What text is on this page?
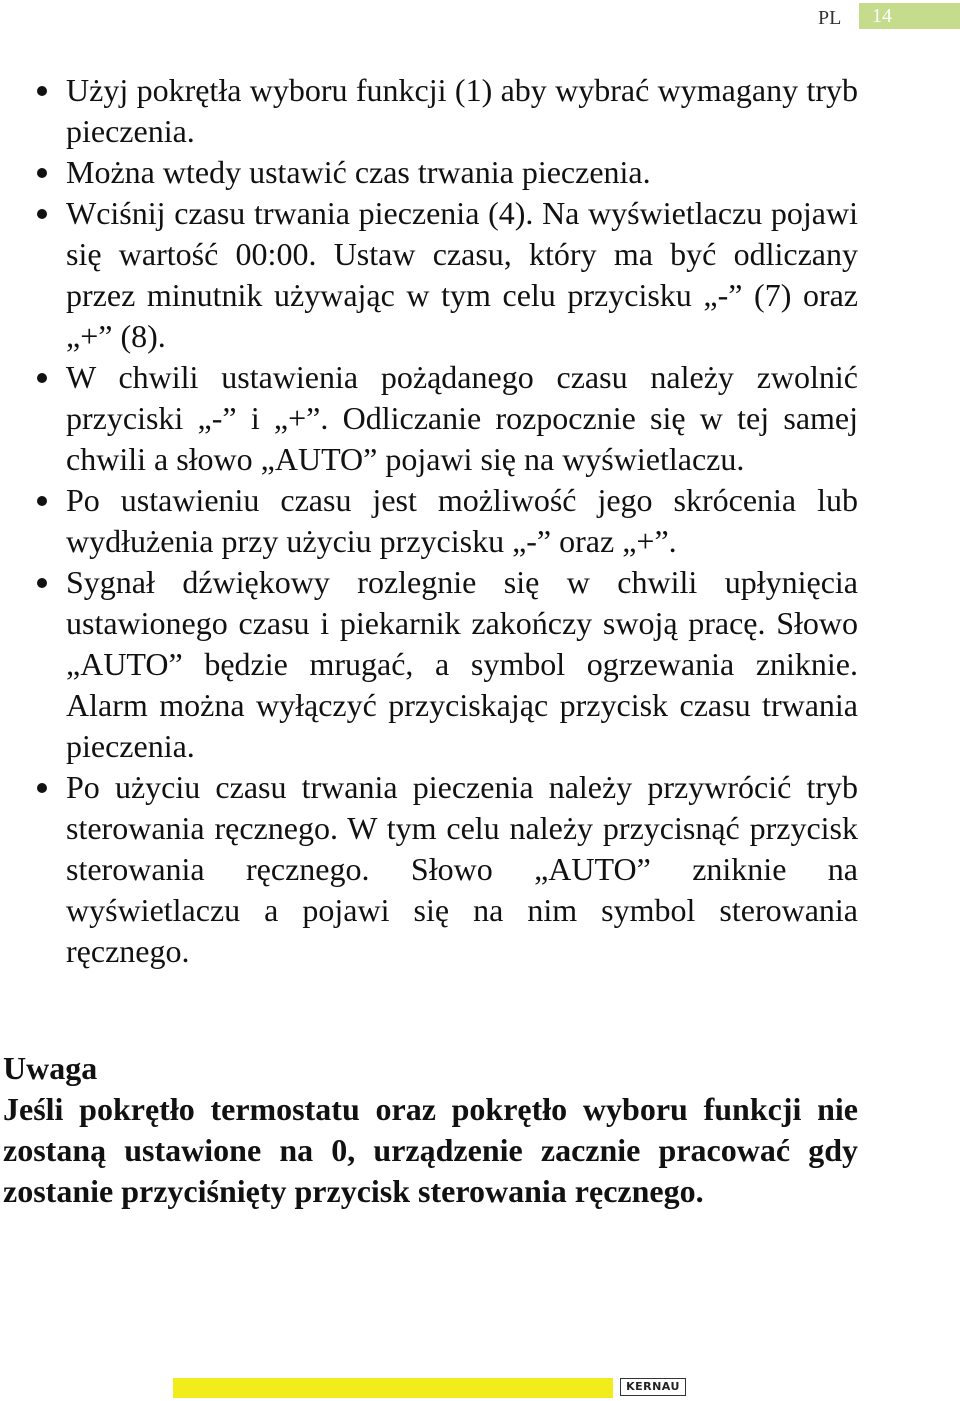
PL	14
Użyj pokrętła wyboru funkcji (1) aby wybrać wymagany tryb pieczenia.
Można wtedy ustawić czas trwania pieczenia.
Wciśnij czasu trwania pieczenia (4). Na wyświetlaczu pojawi się wartość 00:00. Ustaw czasu, który ma być odliczany przez minutnik używając w tym celu przycisku „-” (7) oraz „+” (8).
W chwili ustawienia pożądanego czasu należy zwolnić przyciski „-” i „+”. Odliczanie rozpocznie się w tej samej chwili a słowo „AUTO” pojawi się na wyświetlaczu.
Po ustawieniu czasu jest możliwość jego skrócenia lub wydłużenia przy użyciu przycisku „-” oraz „+”.
Sygnał dźwiękowy rozlegnie się w chwili upłynięcia ustawionego czasu i piekarnik zakończy swoją pracę. Słowo „AUTO” będzie mrugać, a symbol ogrzewania zniknie. Alarm można wyłączyć przyciskając przycisk czasu trwania pieczenia.
Po użyciu czasu trwania pieczenia należy przywrócić tryb sterowania ręcznego. W tym celu należy przycisnąć przycisk sterowania ręcznego. Słowo „AUTO” zniknie na wyświetlaczu a pojawi się na nim symbol sterowania ręcznego.
Uwaga
Jeśli pokrętło termostatu oraz pokrętło wyboru funkcji nie zostaną ustawione na 0, urządzenie zacznie pracować gdy zostanie przyciśnięty przycisk sterowania ręcznego.
KERNAU
